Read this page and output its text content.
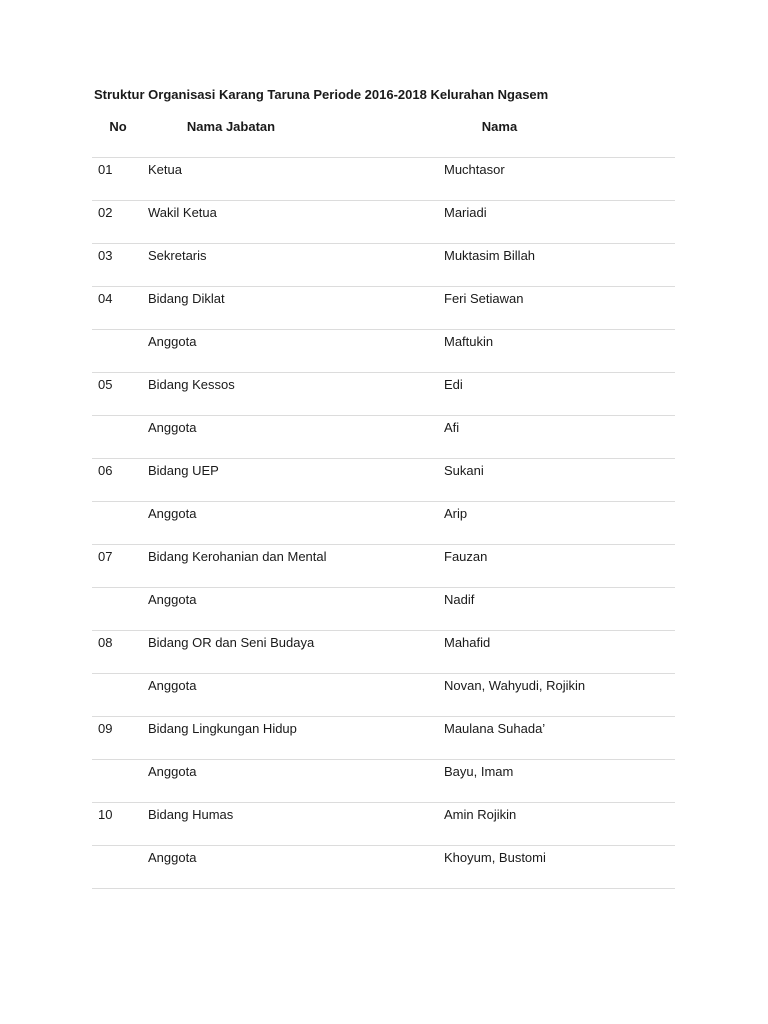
Struktur Organisasi Karang Taruna Periode 2016-2018 Kelurahan Ngasem
No	Nama Jabatan	Nama
01	Ketua	Muchtasor
02	Wakil Ketua	Mariadi
03	Sekretaris	Muktasim Billah
04	Bidang Diklat	Feri Setiawan
	Anggota	Maftukin
05	Bidang Kessos	Edi
	Anggota	Afi
06	Bidang UEP	Sukani
	Anggota	Arip
07	Bidang Kerohanian dan Mental	Fauzan
	Anggota	Nadif
08	Bidang OR dan Seni Budaya	Mahafid
	Anggota	Novan, Wahyudi, Rojikin
09	Bidang Lingkungan Hidup	Maulana Suhada’
	Anggota	Bayu, Imam
10	Bidang Humas	Amin Rojikin
	Anggota	Khoyum, Bustomi
